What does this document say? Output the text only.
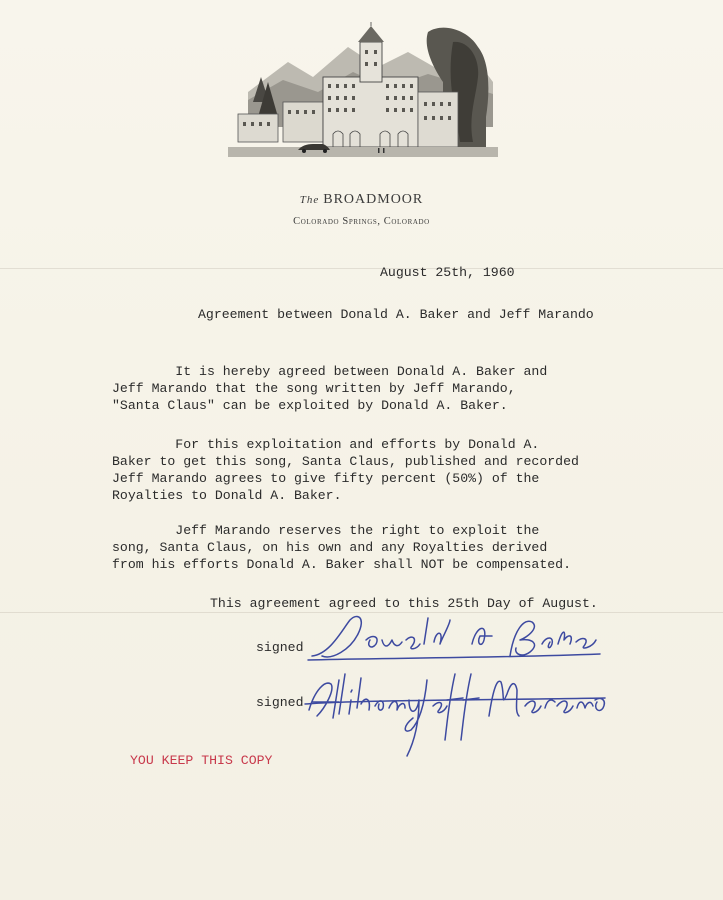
The BROADMOOR
Colorado Springs, Colorado
August 25th, 1960
Agreement between Donald A. Baker and Jeff Marando
It is hereby agreed between Donald A. Baker and
Jeff Marando that the song written by Jeff Marando,
"Santa Claus" can be exploited by Donald A. Baker.
For this exploitation and efforts by Donald A.
Baker to get this song, Santa Claus, published and recorded
Jeff Marando agrees to give fifty percent (50%) of the
Royalties to Donald A. Baker.
Jeff Marando reserves the right to exploit the
song, Santa Claus, on his own and any Royalties derived
from his efforts Donald A. Baker shall NOT be compensated.
This agreement agreed to this 25th Day of August.
signed
signed
YOU KEEP THIS COPY
